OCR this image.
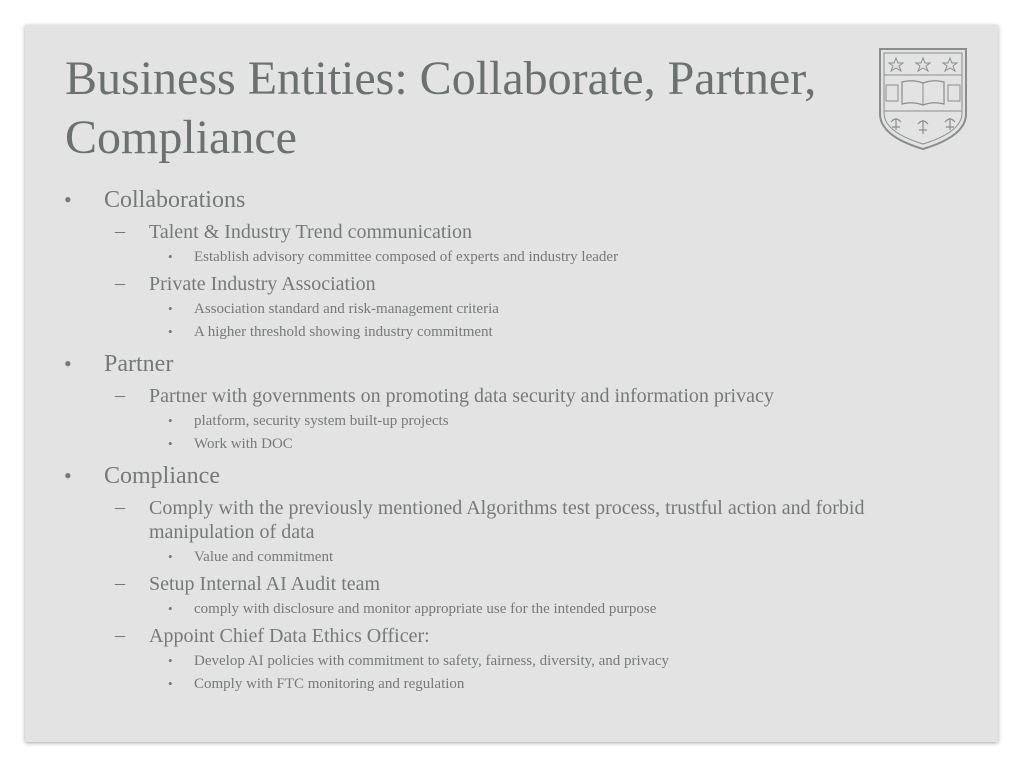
Business Entities: Collaborate, Partner, Compliance

• Collaborations

– Talent & Industry Trend communication

• Establish advisory committee composed of experts and industry leader

– Private Industry Association

• Association standard and risk-management criteria

• A higher threshold showing industry commitment

• Partner

– Partner with governments on promoting data security and information privacy

• platform, security system built-up projects

• Work with DOC

• Compliance

– Comply with the previously mentioned Algorithms test process, trustful action and forbid manipulation of data

• Value and commitment

– Setup Internal AI Audit team

• comply with disclosure and monitor appropriate use for the intended purpose

– Appoint Chief Data Ethics Officer:

• Develop AI policies with commitment to safety, fairness, diversity, and privacy

• Comply with FTC monitoring and regulation
